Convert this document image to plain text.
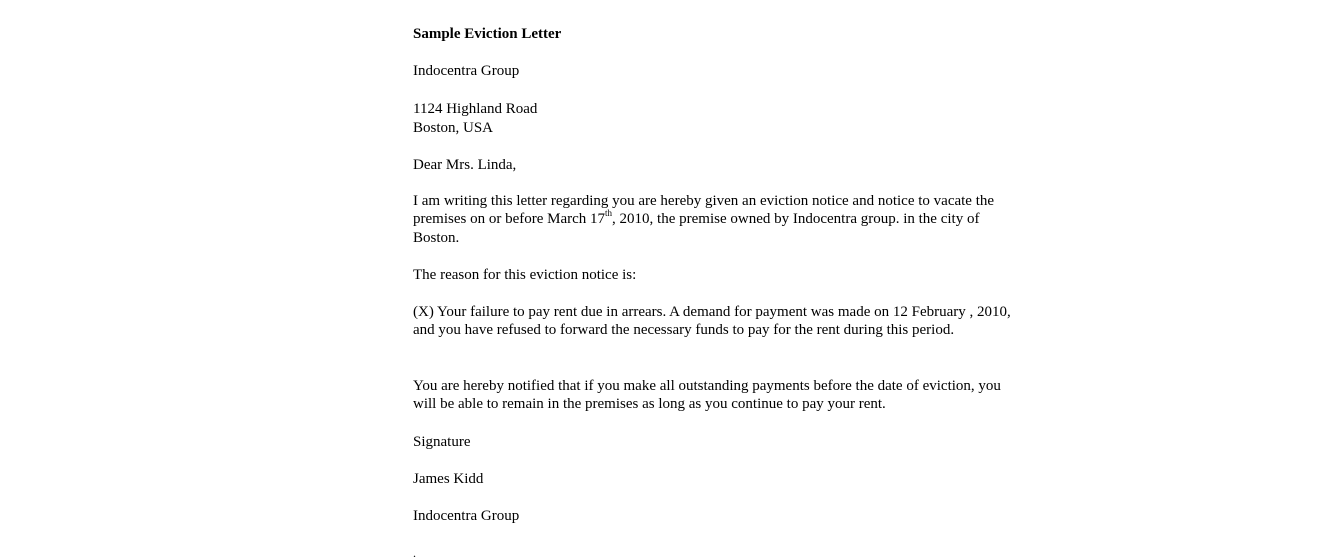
Sample Eviction Letter

Indocentra Group

1124 Highland Road

Boston, USA

Dear Mrs. Linda,

I am writing this letter regarding you are hereby given an eviction notice and notice to vacate the premises on or before March 17th, 2010, the premise owned by Indocentra group. in the city of Boston.

The reason for this eviction notice is:

(X) Your failure to pay rent due in arrears. A demand for payment was made on 12 February , 2010, and you have refused to forward the necessary funds to pay for the rent during this period.

You are hereby notified that if you make all outstanding payments before the date of eviction, you will be able to remain in the premises as long as you continue to pay your rent.

Signature

James Kidd

Indocentra Group

.
